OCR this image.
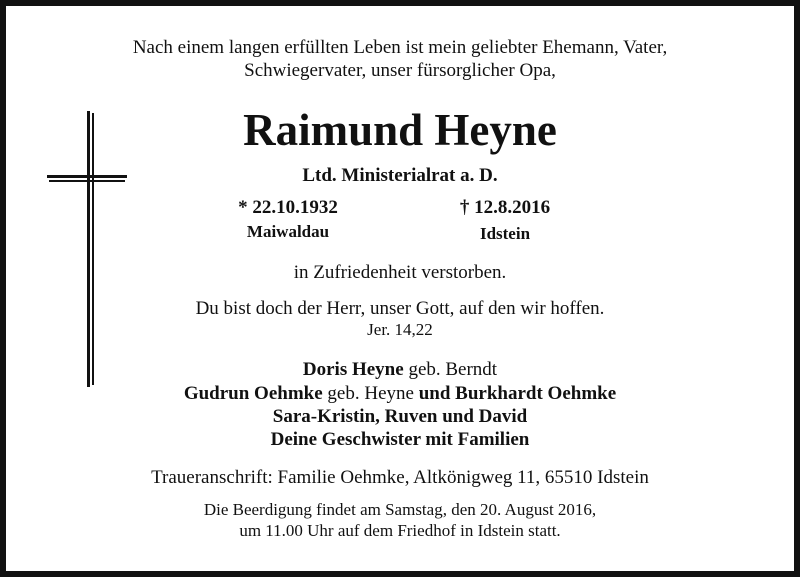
Nach einem langen erfüllten Leben ist mein geliebter Ehemann, Vater,
Schwiegervater, unser fürsorglicher Opa,
Raimund Heyne
Ltd. Ministerialrat a. D.
* 22.10.1932
Maiwaldau
† 12.8.2016
Idstein
in Zufriedenheit verstorben.
Du bist doch der Herr, unser Gott, auf den wir hoffen.
Jer. 14,22
Doris Heyne geb. Berndt
Gudrun Oehmke geb. Heyne und Burkhardt Oehmke
Sara-Kristin, Ruven und David
Deine Geschwister mit Familien
Traueranschrift: Familie Oehmke, Altkönigweg 11, 65510 Idstein
Die Beerdigung findet am Samstag, den 20. August 2016,
um 11.00 Uhr auf dem Friedhof in Idstein statt.
